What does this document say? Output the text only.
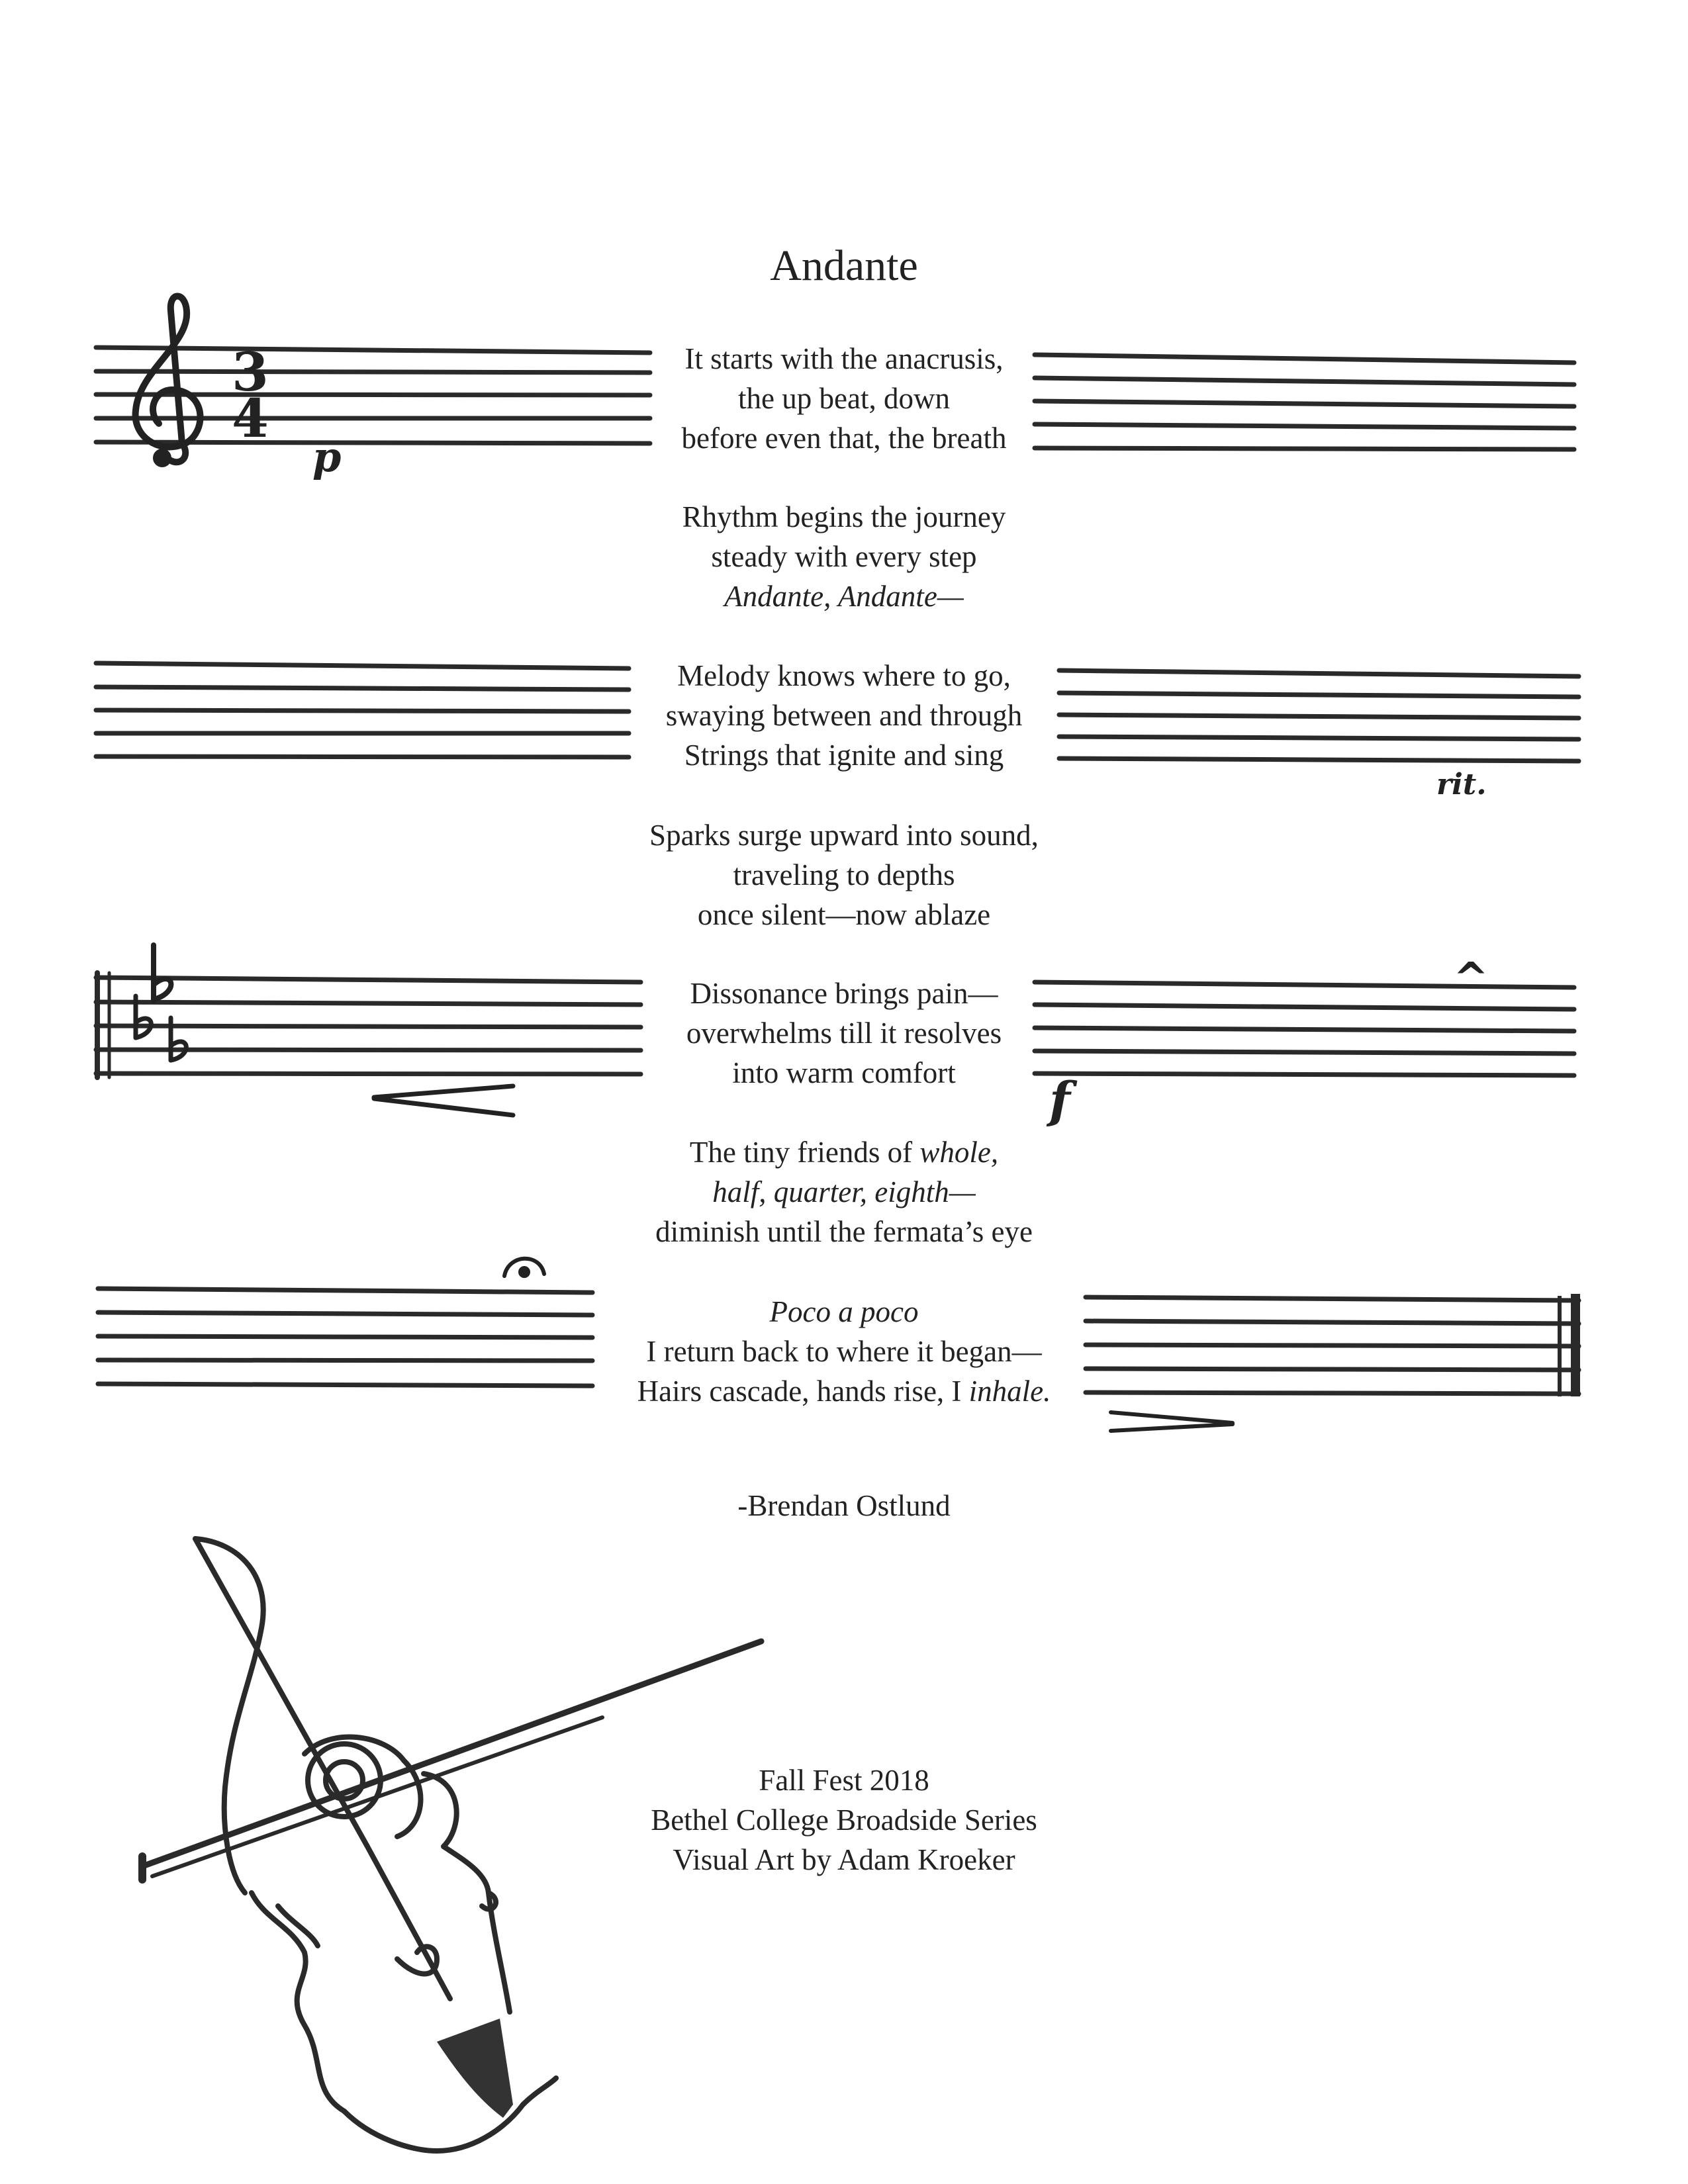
3
4
p
rit.
^
f
Andante
It starts with the anacrusis,
the up beat, down
before even that, the breath
Rhythm begins the journey
steady with every step
Andante, Andante—
Melody knows where to go,
swaying between and through
Strings that ignite and sing
Sparks surge upward into sound,
traveling to depths
once silent—now ablaze
Dissonance brings pain—
overwhelms till it resolves
into warm comfort
The tiny friends of whole,
half, quarter, eighth—
diminish until the fermata’s eye
Poco a poco
I return back to where it began—
Hairs cascade, hands rise, I inhale.
-Brendan Ostlund
Fall Fest 2018
Bethel College Broadside Series
Visual Art by Adam Kroeker
